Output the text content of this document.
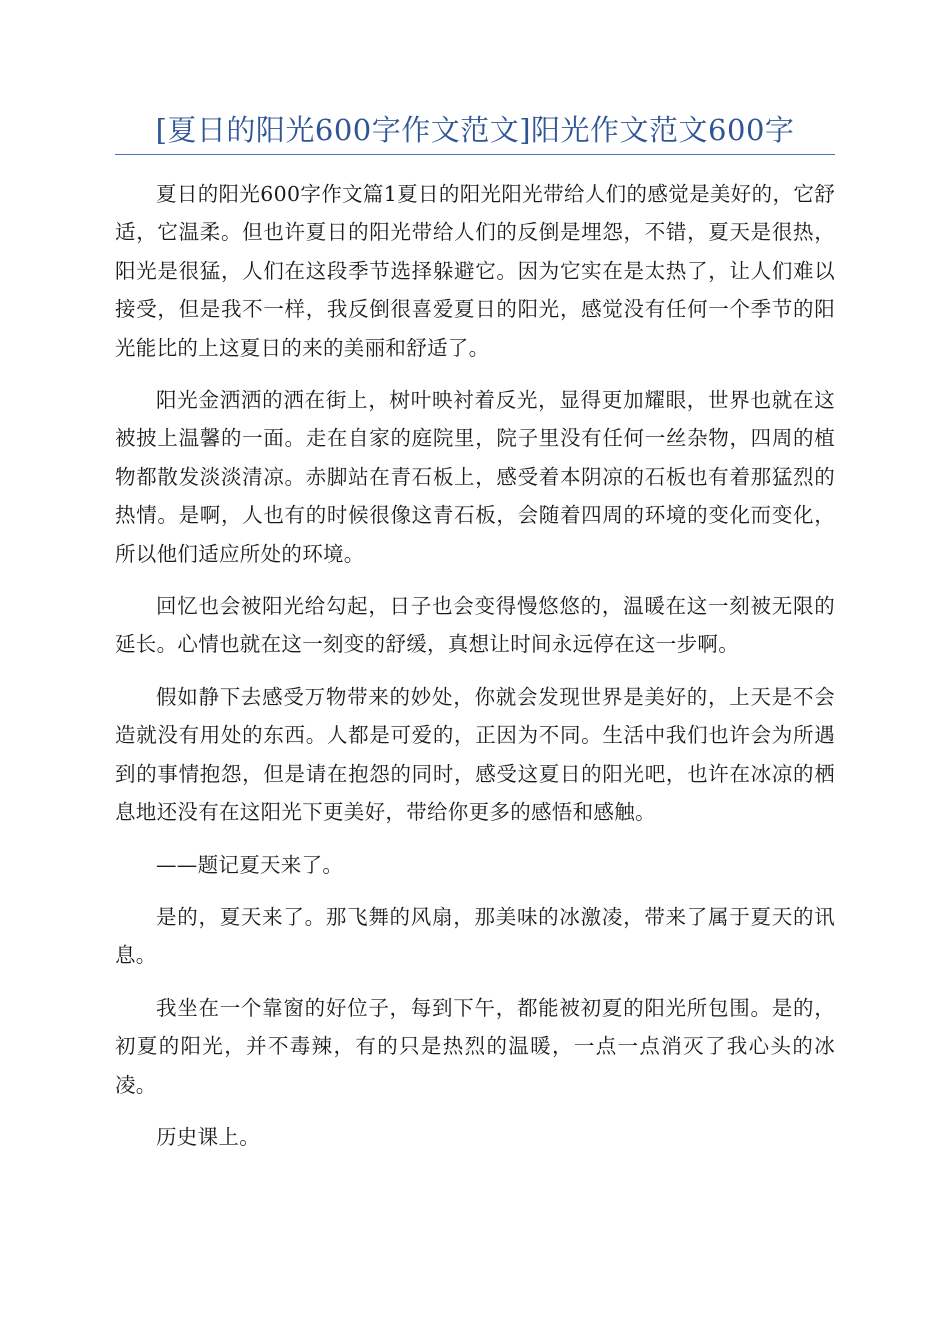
[夏日的阳光600字作文范文]阳光作文范文600字

夏日的阳光600字作文篇1夏日的阳光阳光带给人们的感觉是美好的，它舒适，它温柔。但也许夏日的阳光带给人们的反倒是埋怨，不错，夏天是很热，阳光是很猛，人们在这段季节选择躲避它。因为它实在是太热了，让人们难以接受，但是我不一样，我反倒很喜爱夏日的阳光，感觉没有任何一个季节的阳光能比的上这夏日的来的美丽和舒适了。

阳光金洒洒的洒在街上，树叶映衬着反光，显得更加耀眼，世界也就在这被披上温馨的一面。走在自家的庭院里，院子里没有任何一丝杂物，四周的植物都散发淡淡清凉。赤脚站在青石板上，感受着本阴凉的石板也有着那猛烈的热情。是啊，人也有的时候很像这青石板，会随着四周的环境的变化而变化，所以他们适应所处的环境。

回忆也会被阳光给勾起，日子也会变得慢悠悠的，温暖在这一刻被无限的延长。心情也就在这一刻变的舒缓，真想让时间永远停在这一步啊。

假如静下去感受万物带来的妙处，你就会发现世界是美好的，上天是不会造就没有用处的东西。人都是可爱的，正因为不同。生活中我们也许会为所遇到的事情抱怨，但是请在抱怨的同时，感受这夏日的阳光吧，也许在冰凉的栖息地还没有在这阳光下更美好，带给你更多的感悟和感触。

——题记夏天来了。

是的，夏天来了。那飞舞的风扇，那美味的冰激凌，带来了属于夏天的讯息。

我坐在一个靠窗的好位子，每到下午，都能被初夏的阳光所包围。是的，初夏的阳光，并不毒辣，有的只是热烈的温暖，一点一点消灭了我心头的冰凌。

历史课上。
